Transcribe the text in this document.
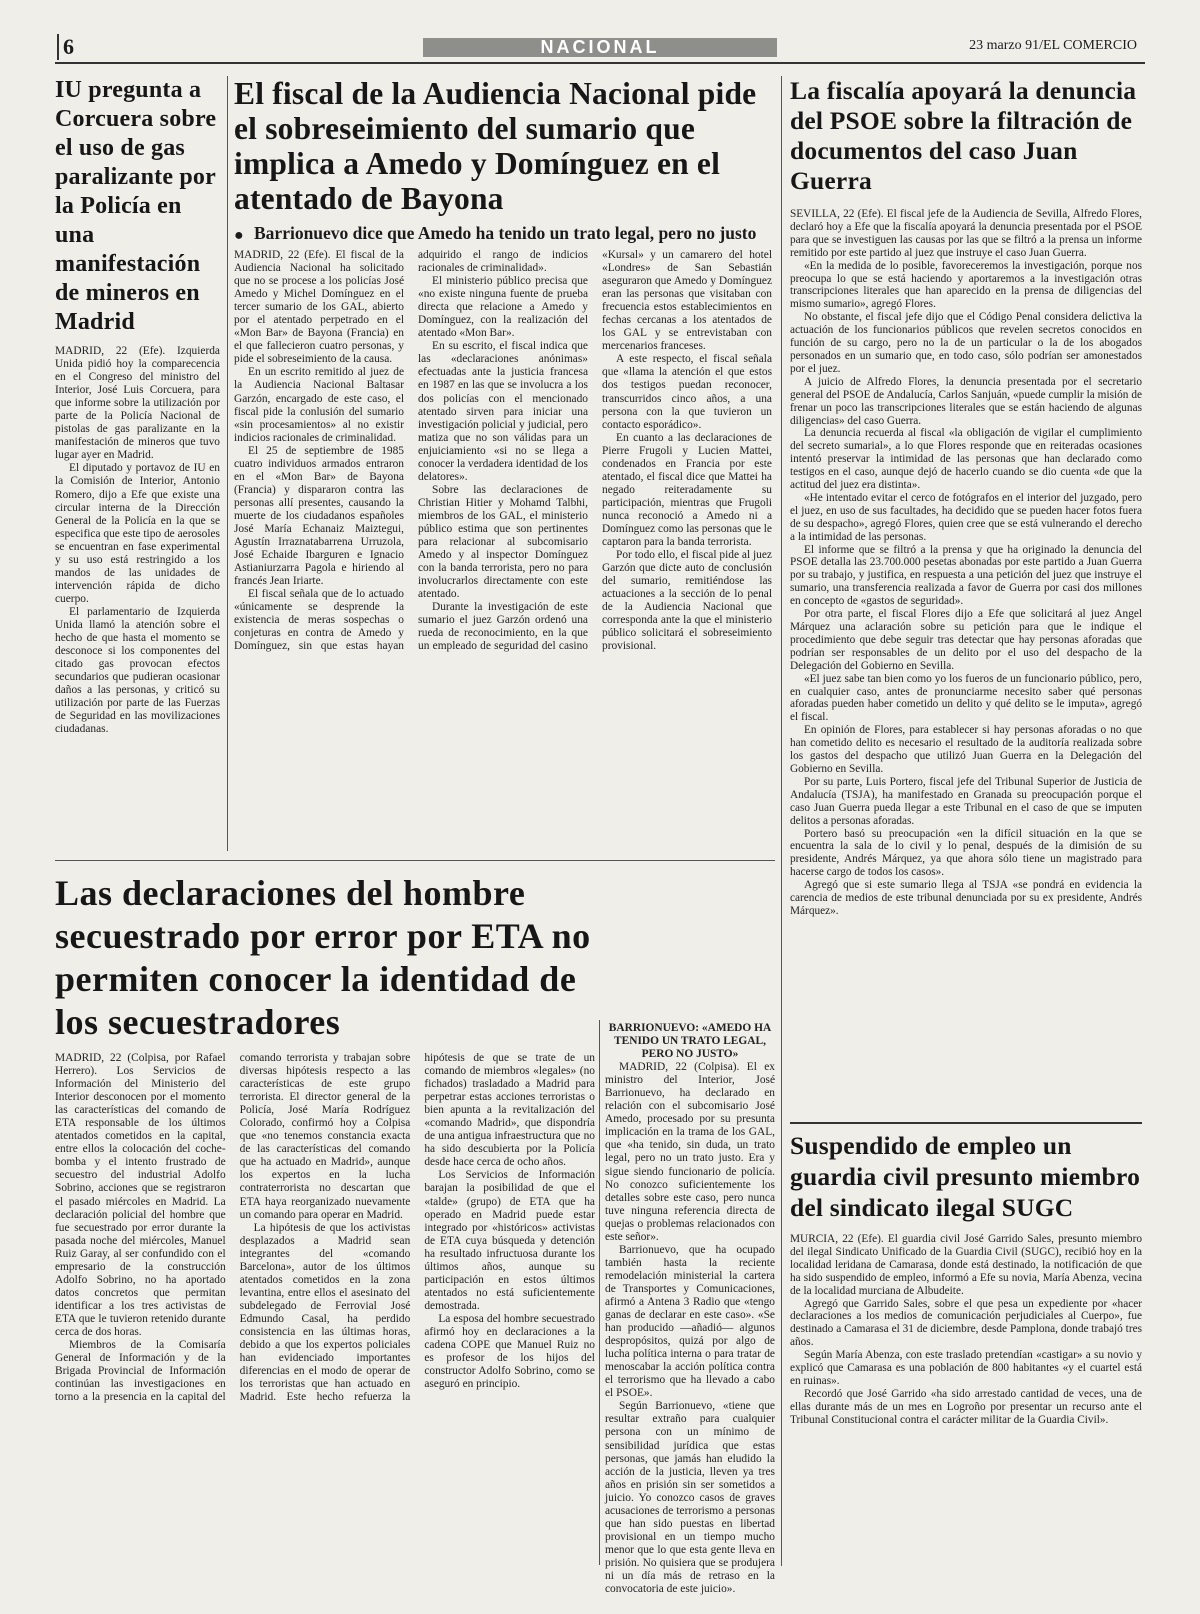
6	NACIONAL	23 marzo 91/EL COMERCIO
IU pregunta a Corcuera sobre el uso de gas paralizante por la Policía en una manifestación de mineros en Madrid

MADRID, 22 (Efe). Izquierda Unida pidió hoy la comparecencia en el Congreso del ministro del Interior, José Luis Corcuera, para que informe sobre la utilización por parte de la Policía Nacional de pistolas de gas paralizante en la manifestación de mineros que tuvo lugar ayer en Madrid.

El diputado y portavoz de IU en la Comisión de Interior, Antonio Romero, dijo a Efe que existe una circular interna de la Dirección General de la Policía en la que se especifica que este tipo de aerosoles se encuentran en fase experimental y su uso está restringido a los mandos de las unidades de intervención rápida de dicho cuerpo.

El parlamentario de Izquierda Unida llamó la atención sobre el hecho de que hasta el momento se desconoce si los componentes del citado gas provocan efectos secundarios que pudieran ocasionar daños a las personas, y criticó su utilización por parte de las Fuerzas de Seguridad en las movilizaciones ciudadanas.

El fiscal de la Audiencia Nacional pide el sobreseimiento del sumario que implica a Amedo y Domínguez en el atentado de Bayona
● Barrionuevo dice que Amedo ha tenido un trato legal, pero no justo

MADRID, 22 (Efe). El fiscal de la Audiencia Nacional ha solicitado que no se procese a los policías José Amedo y Michel Domínguez en el tercer sumario de los GAL, abierto por el atentado perpetrado en el «Mon Bar» de Bayona (Francia) en el que fallecieron cuatro personas, y pide el sobreseimiento de la causa.

En un escrito remitido al juez de la Audiencia Nacional Baltasar Garzón, encargado de este caso, el fiscal pide la conlusión del sumario «sin procesamientos» al no existir indicios racionales de criminalidad.

El 25 de septiembre de 1985 cuatro individuos armados entraron en el «Mon Bar» de Bayona (Francia) y dispararon contra las personas allí presentes, causando la muerte de los ciudadanos españoles José María Echanaiz Maiztegui, Agustín Irraznatabarrena Urruzola, José Echaide Ibarguren e Ignacio Astianiurzarra Pagola e hiriendo al francés Jean Iriarte.

El fiscal señala que de lo actuado «únicamente se desprende la existencia de meras sospechas o conjeturas en contra de Amedo y Domínguez, sin que estas hayan adquirido el rango de indicios racionales de criminalidad».

El ministerio público precisa que «no existe ninguna fuente de prueba directa que relacione a Amedo y Domínguez, con la realización del atentado «Mon Bar».

En su escrito, el fiscal indica que las «declaraciones anónimas» efectuadas ante la justicia francesa en 1987 en las que se involucra a los dos policías con el mencionado atentado sirven para iniciar una investigación policial y judicial, pero matiza que no son válidas para un enjuiciamiento «si no se llega a conocer la verdadera identidad de los delatores».

Sobre las declaraciones de Christian Hitier y Mohamd Talbhi, miembros de los GAL, el ministerio público estima que son pertinentes para relacionar al subcomisario Amedo y al inspector Domínguez con la banda terrorista, pero no para involucrarlos directamente con este atentado.

Durante la investigación de este sumario el juez Garzón ordenó una rueda de reconocimiento, en la que un empleado de seguridad del casino «Kursal» y un camarero del hotel «Londres» de San Sebastián aseguraron que Amedo y Domínguez eran las personas que visitaban con frecuencia estos establecimientos en fechas cercanas a los atentados de los GAL y se entrevistaban con mercenarios franceses.

A este respecto, el fiscal señala que «llama la atención el que estos dos testigos puedan reconocer, transcurridos cinco años, a una persona con la que tuvieron un contacto esporádico».

En cuanto a las declaraciones de Pierre Frugoli y Lucien Mattei, condenados en Francia por este atentado, el fiscal dice que Mattei ha negado reiteradamente su participación, mientras que Frugoli nunca reconoció a Amedo ni a Domínguez como las personas que le captaron para la banda terrorista.

Por todo ello, el fiscal pide al juez Garzón que dicte auto de conclusión del sumario, remitiéndose las actuaciones a la sección de lo penal de la Audiencia Nacional que corresponda ante la que el ministerio público solicitará el sobreseimiento provisional.

BARRIONUEVO: «AMEDO HA TENIDO UN TRATO LEGAL, PERO NO JUSTO»

MADRID, 22 (Colpisa). El ex ministro del Interior, José Barrionuevo, ha declarado en relación con el subcomisario José Amedo, procesado por su presunta implicación en la trama de los GAL, que «ha tenido, sin duda, un trato legal, pero no un trato justo. Era y sigue siendo funcionario de policía. No conozco suficientemente los detalles sobre este caso, pero nunca tuve ninguna referencia directa de quejas o problemas relacionados con este señor».

Barrionuevo, que ha ocupado también hasta la reciente remodelación ministerial la cartera de Transportes y Comunicaciones, afirmó a Antena 3 Radio que «tengo ganas de declarar en este caso». «Se han producido —añadió— algunos despropósitos, quizá por algo de lucha política interna o para tratar de menoscabar la acción política contra el terrorismo que ha llevado a cabo el PSOE».

Según Barrionuevo, «tiene que resultar extraño para cualquier persona con un mínimo de sensibilidad jurídica que estas personas, que jamás han eludido la acción de la justicia, lleven ya tres años en prisión sin ser sometidos a juicio. Yo conozco casos de graves acusaciones de terrorismo a personas que han sido puestas en libertad provisional en un tiempo mucho menor que lo que esta gente lleva en prisión. No quisiera que se produjera ni un día más de retraso en la convocatoria de este juicio».

La fiscalía apoyará la denuncia del PSOE sobre la filtración de documentos del caso Juan Guerra

SEVILLA, 22 (Efe). El fiscal jefe de la Audiencia de Sevilla, Alfredo Flores, declaró hoy a Efe que la fiscalía apoyará la denuncia presentada por el PSOE para que se investiguen las causas por las que se filtró a la prensa un informe remitido por este partido al juez que instruye el caso Juan Guerra.

«En la medida de lo posible, favoreceremos la investigación, porque nos preocupa lo que se está haciendo y aportaremos a la investigación otras transcripciones literales que han aparecido en la prensa de diligencias del mismo sumario», agregó Flores.

No obstante, el fiscal jefe dijo que el Código Penal considera delictiva la actuación de los funcionarios públicos que revelen secretos conocidos en función de su cargo, pero no la de un particular o la de los abogados personados en un sumario que, en todo caso, sólo podrían ser amonestados por el juez.

A juicio de Alfredo Flores, la denuncia presentada por el secretario general del PSOE de Andalucía, Carlos Sanjuán, «puede cumplir la misión de frenar un poco las transcripciones literales que se están haciendo de algunas diligencias» del caso Guerra.

La denuncia recuerda al fiscal «la obligación de vigilar el cumplimiento del secreto sumarial», a lo que Flores responde que en reiteradas ocasiones intentó preservar la intimidad de las personas que han declarado como testigos en el caso, aunque dejó de hacerlo cuando se dio cuenta «de que la actitud del juez era distinta».

«He intentado evitar el cerco de fotógrafos en el interior del juzgado, pero el juez, en uso de sus facultades, ha decidido que se pueden hacer fotos fuera de su despacho», agregó Flores, quien cree que se está vulnerando el derecho a la intimidad de las personas.

El informe que se filtró a la prensa y que ha originado la denuncia del PSOE detalla las 23.700.000 pesetas abonadas por este partido a Juan Guerra por su trabajo, y justifica, en respuesta a una petición del juez que instruye el sumario, una transferencia realizada a favor de Guerra por casi dos millones en concepto de «gastos de seguridad».

Por otra parte, el fiscal Flores dijo a Efe que solicitará al juez Angel Márquez una aclaración sobre su petición para que le indique el procedimiento que debe seguir tras detectar que hay personas aforadas que podrían ser responsables de un delito por el uso del despacho de la Delegación del Gobierno en Sevilla.

«El juez sabe tan bien como yo los fueros de un funcionario público, pero, en cualquier caso, antes de pronunciarme necesito saber qué personas aforadas pueden haber cometido un delito y qué delito se le imputa», agregó el fiscal.

En opinión de Flores, para establecer si hay personas aforadas o no que han cometido delito es necesario el resultado de la auditoría realizada sobre los gastos del despacho que utilizó Juan Guerra en la Delegación del Gobierno en Sevilla.

Por su parte, Luis Portero, fiscal jefe del Tribunal Superior de Justicia de Andalucía (TSJA), ha manifestado en Granada su preocupación porque el caso Juan Guerra pueda llegar a este Tribunal en el caso de que se imputen delitos a personas aforadas.

Portero basó su preocupación «en la difícil situación en la que se encuentra la sala de lo civil y lo penal, después de la dimisión de su presidente, Andrés Márquez, ya que ahora sólo tiene un magistrado para hacerse cargo de todos los casos».

Agregó que si este sumario llega al TSJA «se pondrá en evidencia la carencia de medios de este tribunal denunciada por su ex presidente, Andrés Márquez».

Las declaraciones del hombre secuestrado por error por ETA no permiten conocer la identidad de los secuestradores

MADRID, 22 (Colpisa, por Rafael Herrero). Los Servicios de Información del Ministerio del Interior desconocen por el momento las características del comando de ETA responsable de los últimos atentados cometidos en la capital, entre ellos la colocación del coche-bomba y el intento frustrado de secuestro del industrial Adolfo Sobrino, acciones que se registraron el pasado miércoles en Madrid. La declaración policial del hombre que fue secuestrado por error durante la pasada noche del miércoles, Manuel Ruiz Garay, al ser confundido con el empresario de la construcción Adolfo Sobrino, no ha aportado datos concretos que permitan identificar a los tres activistas de ETA que le tuvieron retenido durante cerca de dos horas.

Miembros de la Comisaría General de Información y de la Brigada Provincial de Información continúan las investigaciones en torno a la presencia en la capital del comando terrorista y trabajan sobre diversas hipótesis respecto a las características de este grupo terrorista. El director general de la Policía, José María Rodríguez Colorado, confirmó hoy a Colpisa que «no tenemos constancia exacta de las características del comando que ha actuado en Madrid», aunque los expertos en la lucha contraterrorista no descartan que ETA haya reorganizado nuevamente un comando para operar en Madrid.

La hipótesis de que los activistas desplazados a Madrid sean integrantes del «comando Barcelona», autor de los últimos atentados cometidos en la zona levantina, entre ellos el asesinato del subdelegado de Ferrovial José Edmundo Casal, ha perdido consistencia en las últimas horas, debido a que los expertos policiales han evidenciado importantes diferencias en el modo de operar de los terroristas que han actuado en Madrid. Este hecho refuerza la hipótesis de que se trate de un comando de miembros «legales» (no fichados) trasladado a Madrid para perpetrar estas acciones terroristas o bien apunta a la revitalización del «comando Madrid», que dispondría de una antigua infraestructura que no ha sido descubierta por la Policía desde hace cerca de ocho años.

Los Servicios de Información barajan la posibilidad de que el «talde» (grupo) de ETA que ha operado en Madrid puede estar integrado por «históricos» activistas de ETA cuya búsqueda y detención ha resultado infructuosa durante los últimos años, aunque su participación en estos últimos atentados no está suficientemente demostrada.

La esposa del hombre secuestrado afirmó hoy en declaraciones a la cadena COPE que Manuel Ruiz no es profesor de los hijos del constructor Adolfo Sobrino, como se aseguró en principio.

Suspendido de empleo un guardia civil presunto miembro del sindicato ilegal SUGC

MURCIA, 22 (Efe). El guardia civil José Garrido Sales, presunto miembro del ilegal Sindicato Unificado de la Guardia Civil (SUGC), recibió hoy en la localidad leridana de Camarasa, donde está destinado, la notificación de que ha sido suspendido de empleo, informó a Efe su novia, María Abenza, vecina de la localidad murciana de Albudeite.

Agregó que Garrido Sales, sobre el que pesa un expediente por «hacer declaraciones a los medios de comunicación perjudiciales al Cuerpo», fue destinado a Camarasa el 31 de diciembre, desde Pamplona, donde trabajó tres años.

Según María Abenza, con este traslado pretendían «castigar» a su novio y explicó que Camarasa es una población de 800 habitantes «y el cuartel está en ruinas».

Recordó que José Garrido «ha sido arrestado cantidad de veces, una de ellas durante más de un mes en Logroño por presentar un recurso ante el Tribunal Constitucional contra el carácter militar de la Guardia Civil».
